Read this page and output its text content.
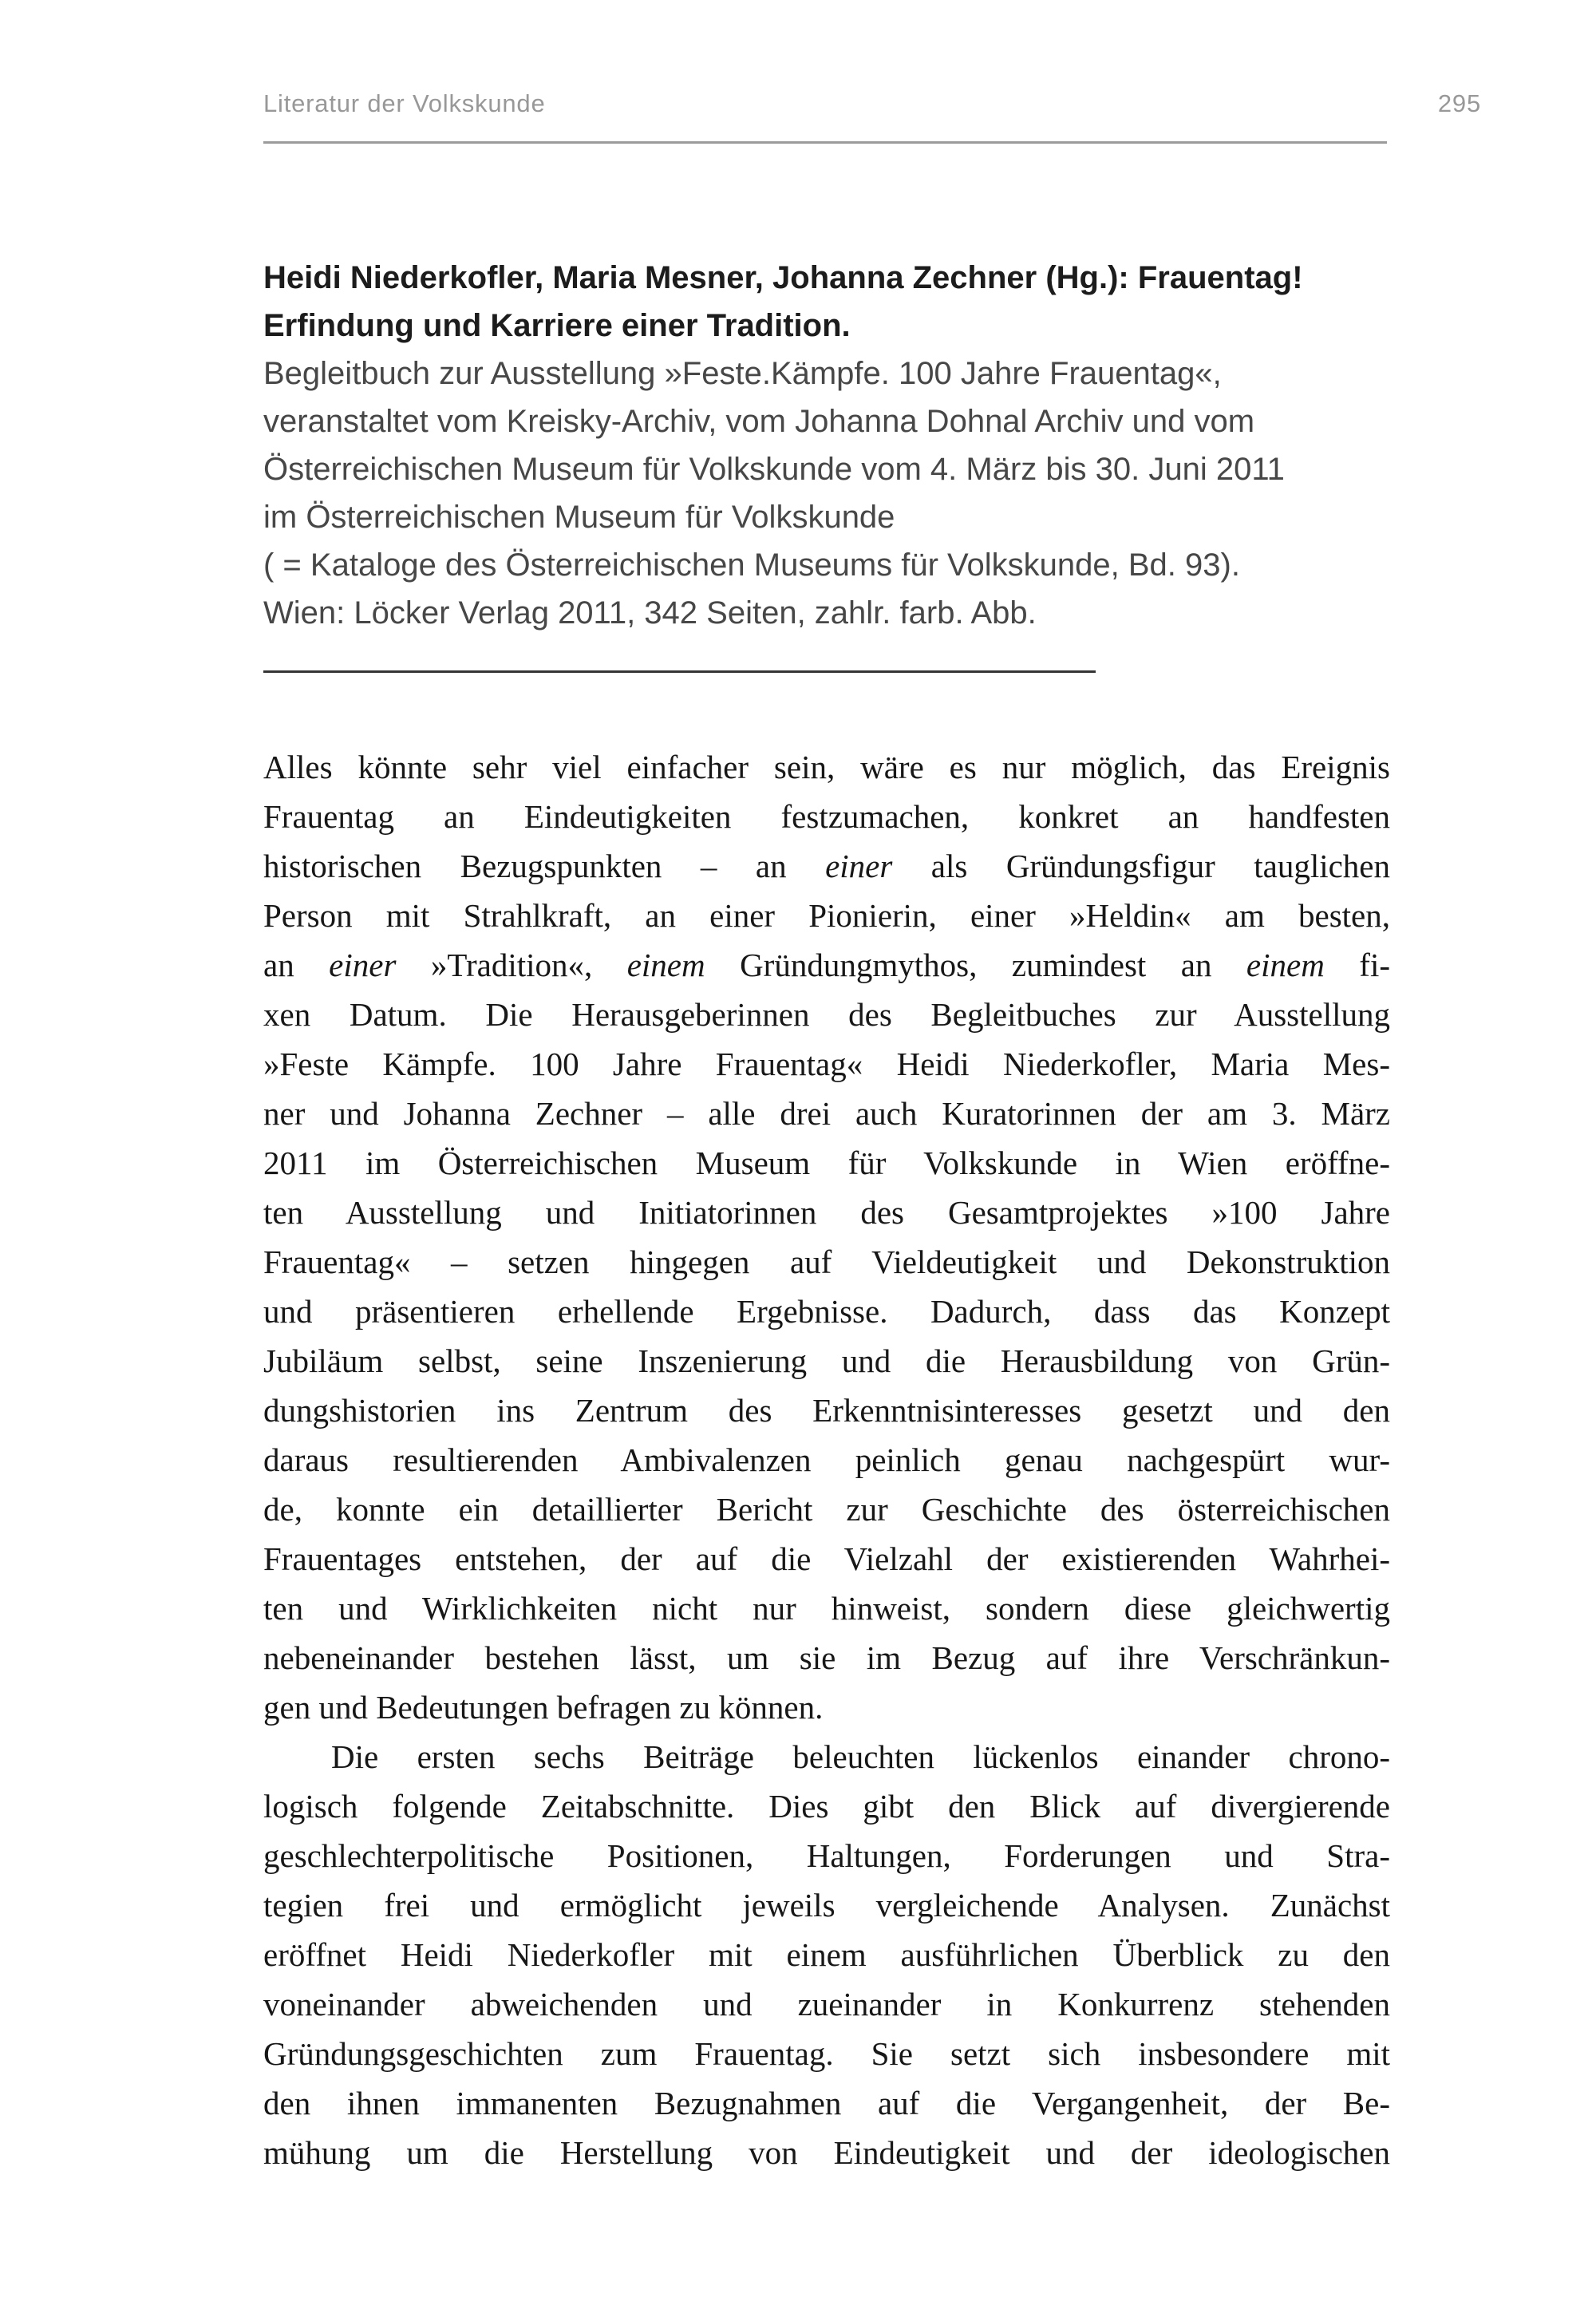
Literatur der Volkskunde	295
Heidi Niederkofler, Maria Mesner, Johanna Zechner (Hg.): Frauentag!
Erfindung und Karriere einer Tradition.
Begleitbuch zur Ausstellung »Feste.Kämpfe. 100 Jahre Frauentag«,
veranstaltet vom Kreisky-Archiv, vom Johanna Dohnal Archiv und vom
Österreichischen Museum für Volkskunde vom 4. März bis 30. Juni 2011
im Österreichischen Museum für Volkskunde
( = Kataloge des Österreichischen Museums für Volkskunde, Bd. 93).
Wien: Löcker Verlag 2011, 342 Seiten, zahlr. farb. Abb.
Alles könnte sehr viel einfacher sein, wäre es nur möglich, das Ereignis
Frauentag an Eindeutigkeiten festzumachen, konkret an handfesten
historischen Bezugspunkten – an einer als Gründungsfigur tauglichen
Person mit Strahlkraft, an einer Pionierin, einer »Heldin« am besten,
an einer »Tradition«, einem Gründungmythos, zumindest an einem fi-
xen Datum. Die Herausgeberinnen des Begleitbuches zur Ausstellung
»Feste Kämpfe. 100 Jahre Frauentag« Heidi Niederkofler, Maria Mes-
ner und Johanna Zechner – alle drei auch Kuratorinnen der am 3. März
2011 im Österreichischen Museum für Volkskunde in Wien eröffne-
ten Ausstellung und Initiatorinnen des Gesamtprojektes »100 Jahre
Frauentag« – setzen hingegen auf Vieldeutigkeit und Dekonstruktion
und präsentieren erhellende Ergebnisse. Dadurch, dass das Konzept
Jubiläum selbst, seine Inszenierung und die Herausbildung von Grün-
dungshistorien ins Zentrum des Erkenntnisinteresses gesetzt und den
daraus resultierenden Ambivalenzen peinlich genau nachgespürt wur-
de, konnte ein detaillierter Bericht zur Geschichte des österreichischen
Frauentages entstehen, der auf die Vielzahl der existierenden Wahrhei-
ten und Wirklichkeiten nicht nur hinweist, sondern diese gleichwertig
nebeneinander bestehen lässt, um sie im Bezug auf ihre Verschränkun-
gen und Bedeutungen befragen zu können.
Die ersten sechs Beiträge beleuchten lückenlos einander chrono-
logisch folgende Zeitabschnitte. Dies gibt den Blick auf divergierende
geschlechterpolitische Positionen, Haltungen, Forderungen und Stra-
tegien frei und ermöglicht jeweils vergleichende Analysen. Zunächst
eröffnet Heidi Niederkofler mit einem ausführlichen Überblick zu den
voneinander abweichenden und zueinander in Konkurrenz stehenden
Gründungsgeschichten zum Frauentag. Sie setzt sich insbesondere mit
den ihnen immanenten Bezugnahmen auf die Vergangenheit, der Be-
mühung um die Herstellung von Eindeutigkeit und der ideologischen
